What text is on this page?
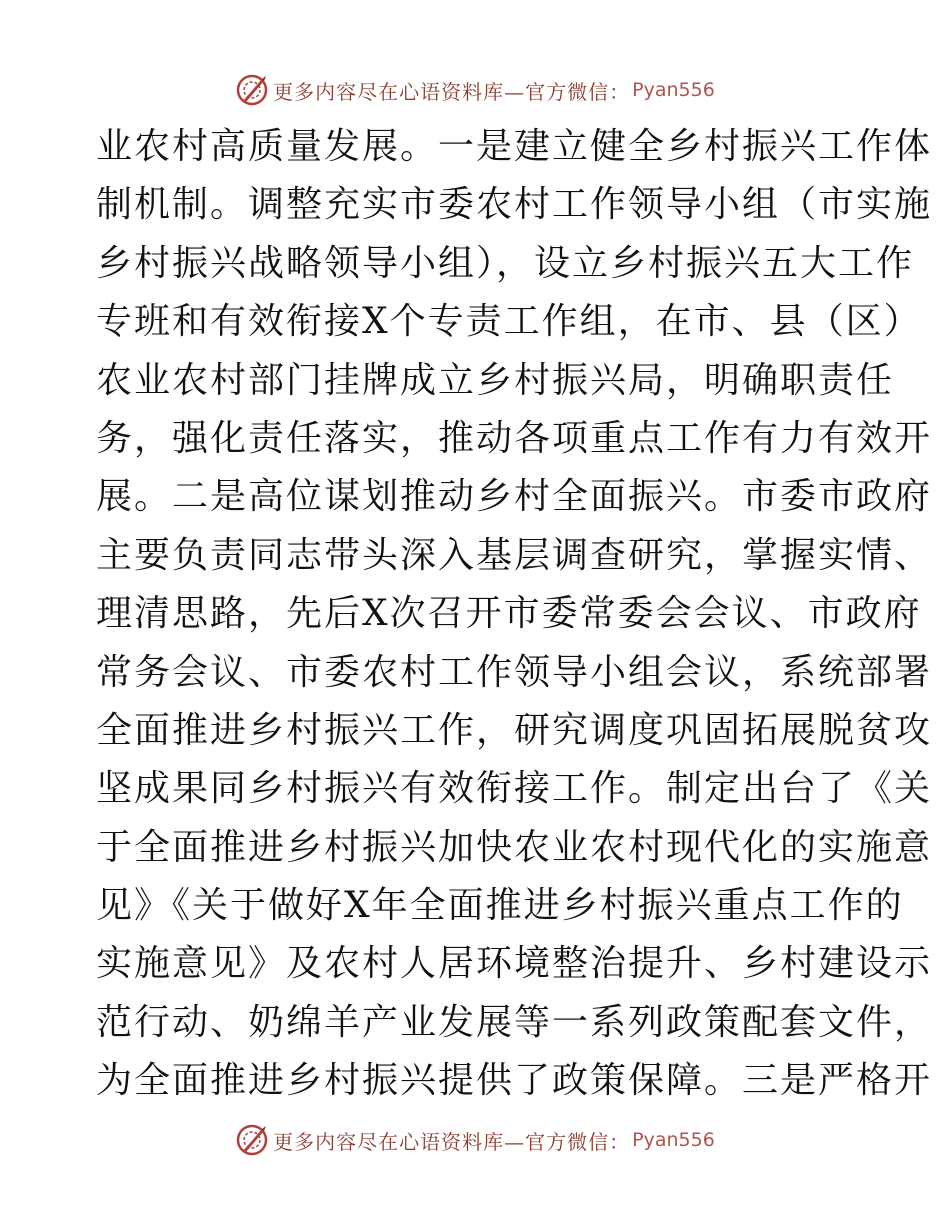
更多内容尽在心语资料库—官方微信： Pyan556
业农村高质量发展。一是建立健全乡村振兴工作体
制机制。调整充实市委农村工作领导小组（市实施
乡村振兴战略领导小组），设立乡村振兴五大工作
专班和有效衔接X个专责工作组，在市、县（区）
农业农村部门挂牌成立乡村振兴局，明确职责任
务，强化责任落实，推动各项重点工作有力有效开
展。二是高位谋划推动乡村全面振兴。市委市政府
主要负责同志带头深入基层调查研究，掌握实情、
理清思路，先后X次召开市委常委会会议、市政府
常务会议、市委农村工作领导小组会议，系统部署
全面推进乡村振兴工作，研究调度巩固拓展脱贫攻
坚成果同乡村振兴有效衔接工作。制定出台了《关
于全面推进乡村振兴加快农业农村现代化的实施意
见》《关于做好X年全面推进乡村振兴重点工作的
实施意见》及农村人居环境整治提升、乡村建设示
范行动、奶绵羊产业发展等一系列政策配套文件，
为全面推进乡村振兴提供了政策保障。三是严格开
更多内容尽在心语资料库—官方微信： Pyan556
